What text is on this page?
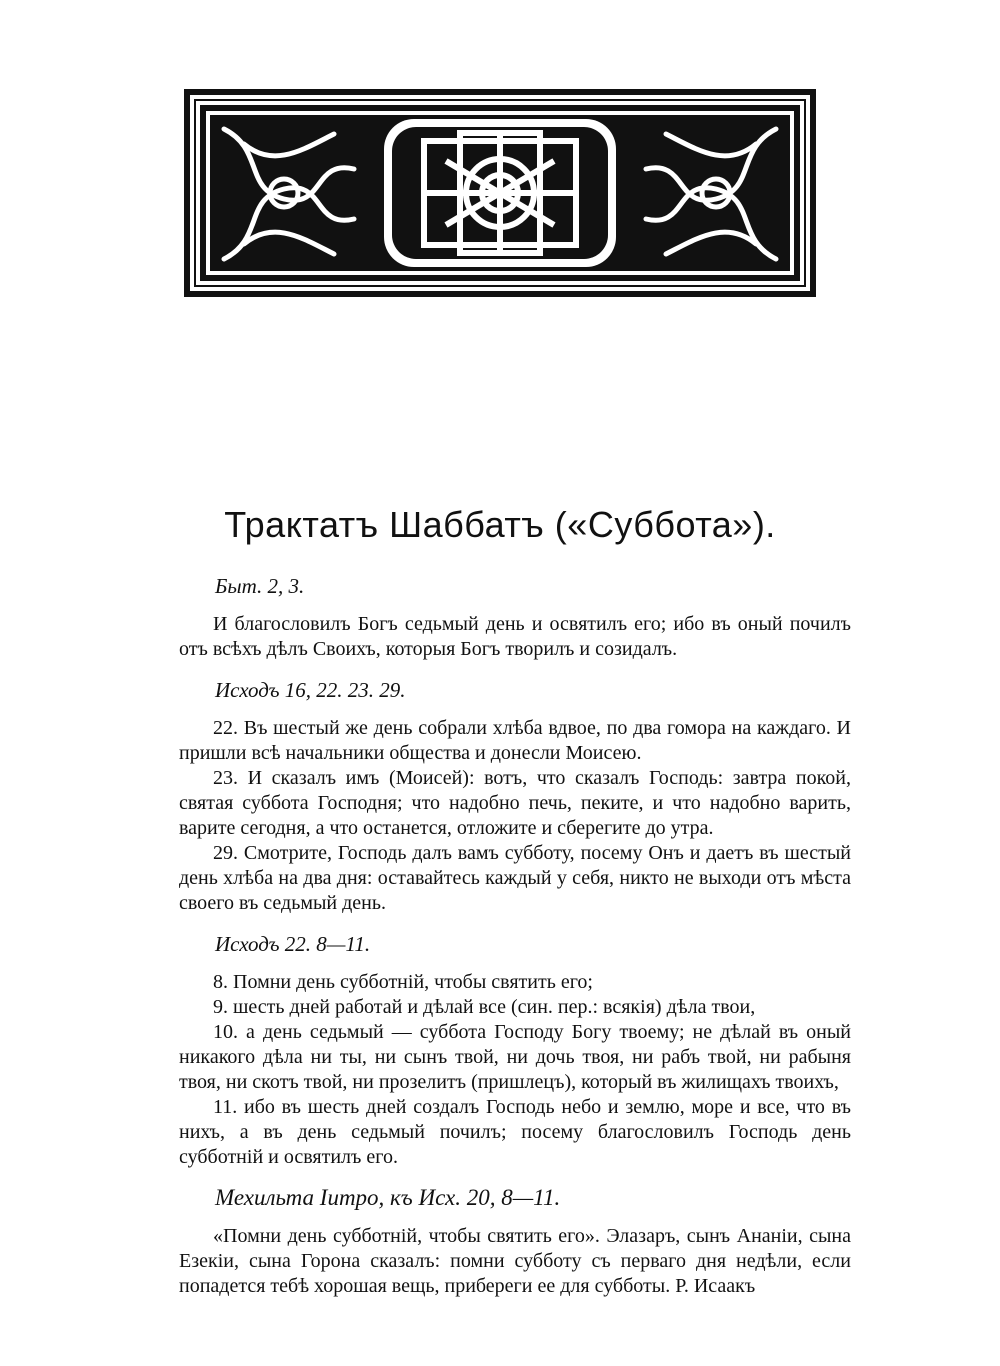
Трактатъ Шаббатъ («Суббота»).
Быт. 2, 3.

И благословилъ Богъ седьмый день и освятилъ его; ибо въ оный почилъ отъ всѣхъ дѣлъ Своихъ, которыя Богъ творилъ и созидалъ.

Исходъ 16, 22. 23. 29.

22. Въ шестый же день собрали хлѣба вдвое, по два гомора на каждаго. И пришли всѣ начальники общества и донесли Моисею.

23. И сказалъ имъ (Моисей): вотъ, что сказалъ Господь: завтра покой, святая суббота Господня; что надобно печь, пеките, и что надобно варить, варите сегодня, а что останется, отложите и сберегите до утра.

29. Смотрите, Господь далъ вамъ субботу, посему Онъ и даетъ въ шестый день хлѣба на два дня: оставайтесь каждый у себя, никто не выходи отъ мѣста своего въ седьмый день.

Исходъ 22. 8—11.

8. Помни день субботній, чтобы святить его;

9. шесть дней работай и дѣлай все (син. пер.: всякія) дѣла твои,

10. а день седьмый — суббота Господу Богу твоему; не дѣлай въ оный никакого дѣла ни ты, ни сынъ твой, ни дочь твоя, ни рабъ твой, ни рабыня твоя, ни скотъ твой, ни прозелитъ (пришлецъ), который въ жилищахъ твоихъ,

11. ибо въ шесть дней создалъ Господь небо и землю, море и все, что въ нихъ, а въ день седьмый почилъ; посему благословилъ Господь день субботній и освятилъ его.

Мехильта Iитро, къ Исх. 20, 8—11.

«Помни день субботній, чтобы святить его». Элазаръ, сынъ Ананіи, сына Езекіи, сына Горона сказалъ: помни субботу съ перваго дня недѣли, если попадется тебѣ хорошая вещь, прибереги ее для субботы. Р. Исаакъ
